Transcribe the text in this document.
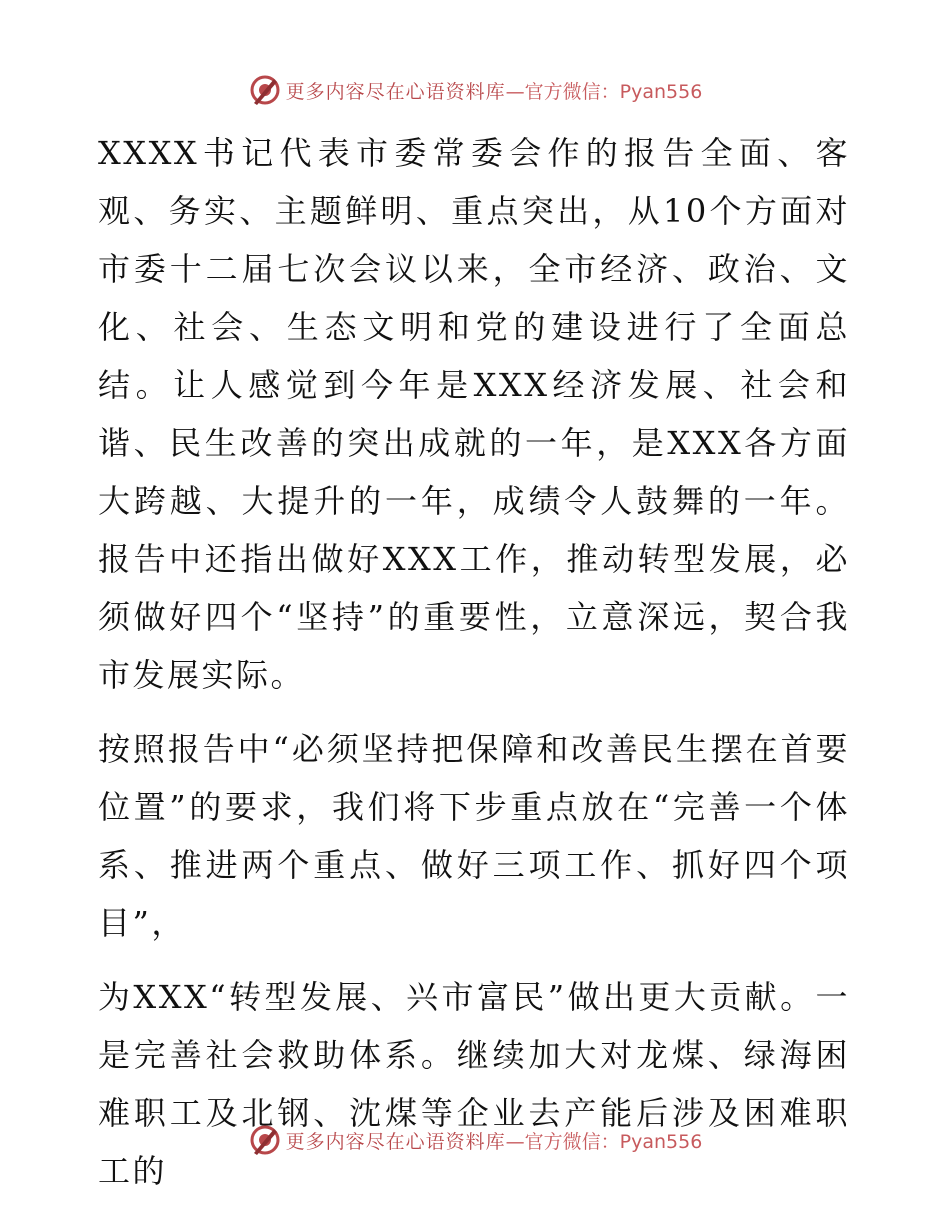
更多内容尽在心语资料库 —官方微信：Pyan556

XXXX书记代表市委常委会作的报告全面、客观、务实、主题鲜明、重点突出，从10个方面对市委十二届七次会议以来，全市经济、政治、文化、社会、生态文明和党的建设进行了全面总结。让人感觉到今年是XXX经济发展、社会和谐、民生改善的突出成就的一年，是XXX各方面大跨越、大提升的一年，成绩令人鼓舞的一年。报告中还指出做好XXX工作，推动转型发展，必须做好四个“坚持”的重要性，立意深远，契合我市发展实际。

按照报告中“必须坚持把保障和改善民生摆在首要位置”的要求，我们将下步重点放在“完善一个体系、推进两个重点、做好三项工作、抓好四个项目”，

为XXX“转型发展、兴市富民”做出更大贡献。一是完善社会救助体系。继续加大对龙煤、绿海困难职工及北钢、沈煤等企业去产能后涉及困难职工的

更多内容尽在心语资料库 —官方微信：Pyan556
